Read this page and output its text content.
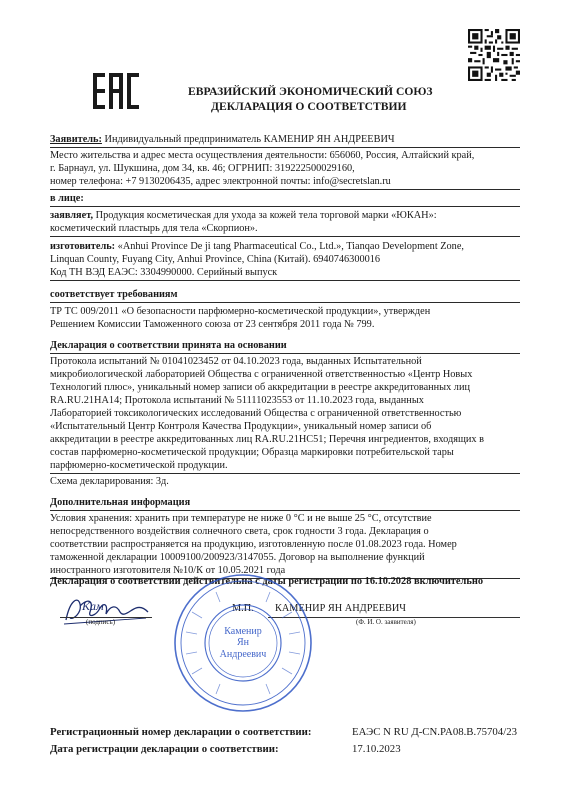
ЕВРАЗИЙСКИЙ ЭКОНОМИЧЕСКИЙ СОЮЗ
ДЕКЛАРАЦИЯ О СООТВЕТСТВИИ
Заявитель: Индивидуальный предприниматель КАМЕНИР ЯН АНДРЕЕВИЧ
Место жительства и адрес места осуществления деятельности: 656060, Россия, Алтайский край,
г. Барнаул, ул. Шукшина, дом 34, кв. 46; ОГРНИП: 319222500029160,
номер телефона: +7 9130206435, адрес электронной почты: info@secretslan.ru
в лице:
заявляет, Продукция косметическая для ухода за кожей тела торговой марки «ЮКАН»:
косметический пластырь для тела «Скорпион».
изготовитель: «Anhui Province De ji tang Pharmaceutical Co., Ltd.», Tianqao Development Zone,
Linquan County, Fuyang City, Anhui Province, China (Китай). 6940746300016
Код ТН ВЭД ЕАЭС: 3304990000. Серийный выпуск
соответствует требованиям
ТР ТС 009/2011 «О безопасности парфюмерно-косметической продукции», утвержден
Решением Комиссии Таможенного союза от 23 сентября 2011 года № 799.
Декларация о соответствии принята на основании
Протокола испытаний № 01041023452 от 04.10.2023 года, выданных Испытательной
микробиологической лабораторией Общества с ограниченной ответственностью «Центр Новых
Технологий плюс», уникальный номер записи об аккредитации в реестре аккредитованных лиц
RA.RU.21HA14; Протокола испытаний № 51111023553 от 11.10.2023 года, выданных
Лабораторией токсикологических исследований Общества с ограниченной ответственностью
«Испытательный Центр Контроля Качества Продукции», уникальный номер записи об
аккредитации в реестре аккредитованных лиц RA.RU.21HC51; Перечня ингредиентов, входящих в
состав парфюмерно-косметической продукции; Образца маркировки потребительской тары
парфюмерно-косметической продукции.
Схема декларирования: 3д.
Дополнительная информация
Условия хранения: хранить при температуре не ниже 0 °С и не выше 25 °С, отсутствие
непосредственного воздействия солнечного света, срок годности 3 года. Декларация о
соответствии распространяется на продукцию, изготовленную после 01.08.2023 года. Номер
таможенной декларации 10009100/200923/3147055. Договор на выполнение функций
иностранного изготовителя №10/К от 10.05.2021 года
Декларация о соответствии действительна с даты регистрации по 16.10.2028 включительно
Кам
(подпись)
М.П. КАМЕНИР ЯН АНДРЕЕВИЧ
(Ф. И. О. заявителя)
Каменир
Ян
Андреевич
Регистрационный номер декларации о соответствии:	ЕАЭС N RU Д-CN.PA08.B.75704/23
Дата регистрации декларации о соответствии:	17.10.2023
